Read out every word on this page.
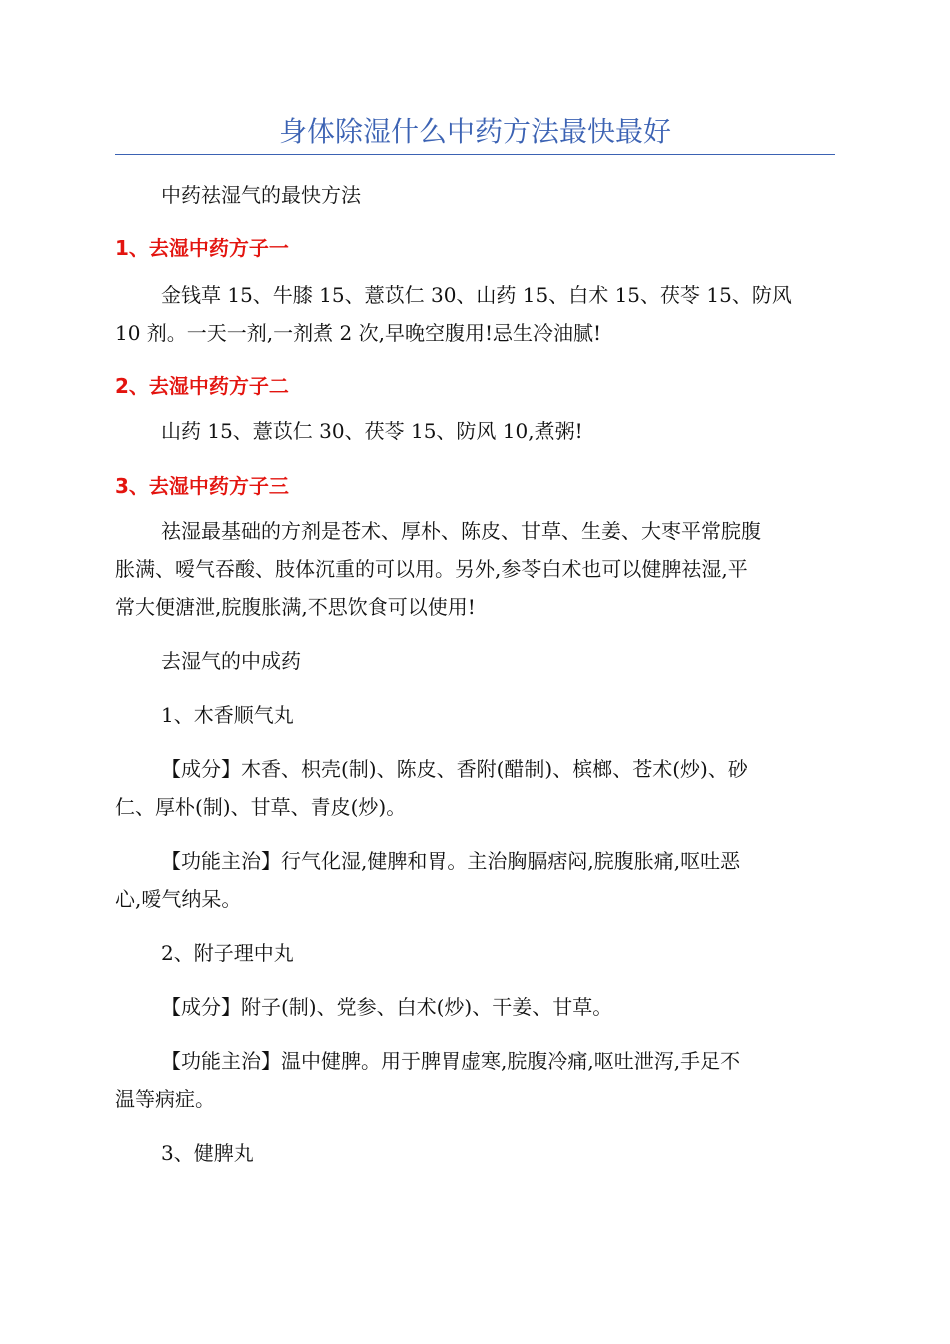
身体除湿什么中药方法最快最好
中药祛湿气的最快方法
1、去湿中药方子一
金钱草 15、牛膝 15、薏苡仁 30、山药 15、白术 15、茯苓 15、防风
10 剂。一天一剂,一剂煮 2 次,早晚空腹用!忌生冷油腻!
2、去湿中药方子二
山药 15、薏苡仁 30、茯苓 15、防风 10,煮粥!
3、去湿中药方子三
祛湿最基础的方剂是苍术、厚朴、陈皮、甘草、生姜、大枣平常脘腹
胀满、嗳气吞酸、肢体沉重的可以用。另外,参苓白术也可以健脾祛湿,平
常大便溏泄,脘腹胀满,不思饮食可以使用!
去湿气的中成药
1、木香顺气丸
【成分】木香、枳壳(制)、陈皮、香附(醋制)、槟榔、苍术(炒)、砂
仁、厚朴(制)、甘草、青皮(炒)。
【功能主治】行气化湿,健脾和胃。主治胸膈痞闷,脘腹胀痛,呕吐恶
心,嗳气纳呆。
2、附子理中丸
【成分】附子(制)、党参、白术(炒)、干姜、甘草。
【功能主治】温中健脾。用于脾胃虚寒,脘腹冷痛,呕吐泄泻,手足不
温等病症。
3、健脾丸
